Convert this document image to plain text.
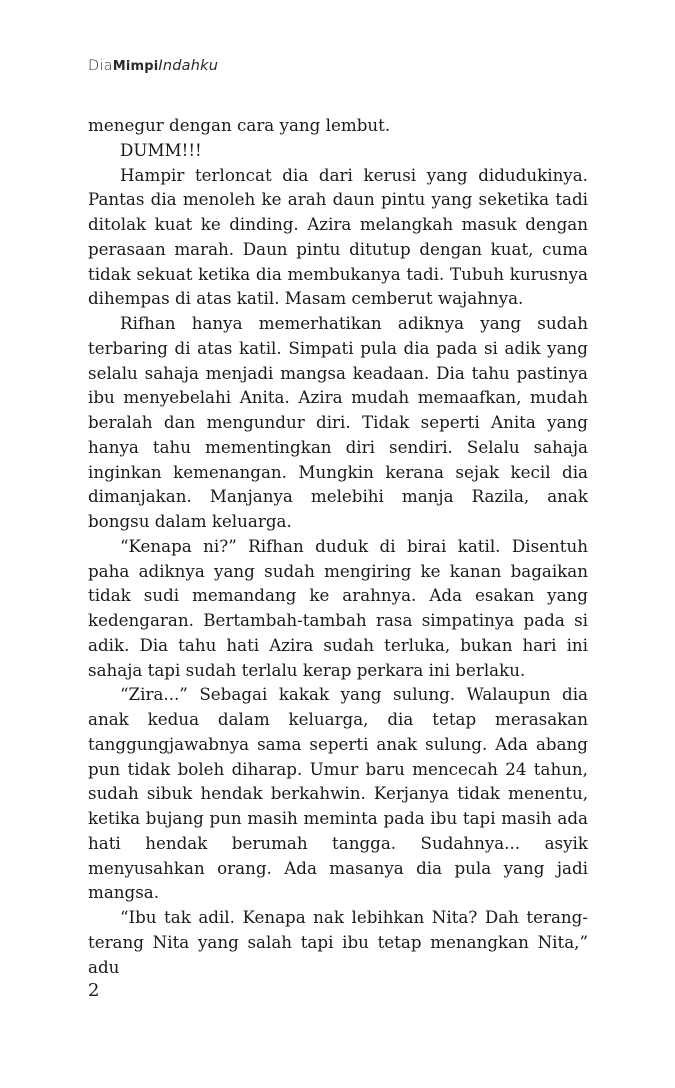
DiaMimpiIndahku

menegur dengan cara yang lembut.

DUMM!!!

Hampir terloncat dia dari kerusi yang didudukinya. Pantas dia menoleh ke arah daun pintu yang seketika tadi ditolak kuat ke dinding. Azira melangkah masuk dengan perasaan marah. Daun pintu ditutup dengan kuat, cuma tidak sekuat ketika dia membukanya tadi. Tubuh kurusnya dihempas di atas katil. Masam cemberut wajahnya.

Rifhan hanya memerhatikan adiknya yang sudah terbaring di atas katil. Simpati pula dia pada si adik yang selalu sahaja menjadi mangsa keadaan. Dia tahu pastinya ibu menyebelahi Anita. Azira mudah memaafkan, mudah beralah dan mengundur diri. Tidak seperti Anita yang hanya tahu mementingkan diri sendiri. Selalu sahaja inginkan kemenangan. Mungkin kerana sejak kecil dia dimanjakan. Manjanya melebihi manja Razila, anak bongsu dalam keluarga.

“Kenapa ni?” Rifhan duduk di birai katil. Disentuh paha adiknya yang sudah mengiring ke kanan bagaikan tidak sudi memandang ke arahnya. Ada esakan yang kedengaran. Bertambah-tambah rasa simpatinya pada si adik. Dia tahu hati Azira sudah terluka, bukan hari ini sahaja tapi sudah terlalu kerap perkara ini berlaku.

“Zira...” Sebagai kakak yang sulung. Walaupun dia anak kedua dalam keluarga, dia tetap merasakan tanggungjawabnya sama seperti anak sulung. Ada abang pun tidak boleh diharap. Umur baru mencecah 24 tahun, sudah sibuk hendak berkahwin. Kerjanya tidak menentu, ketika bujang pun masih meminta pada ibu tapi masih ada hati hendak berumah tangga. Sudahnya... asyik menyusahkan orang. Ada masanya dia pula yang jadi mangsa.

“Ibu tak adil. Kenapa nak lebihkan Nita? Dah terang-terang Nita yang salah tapi ibu tetap menangkan Nita,” adu

2
